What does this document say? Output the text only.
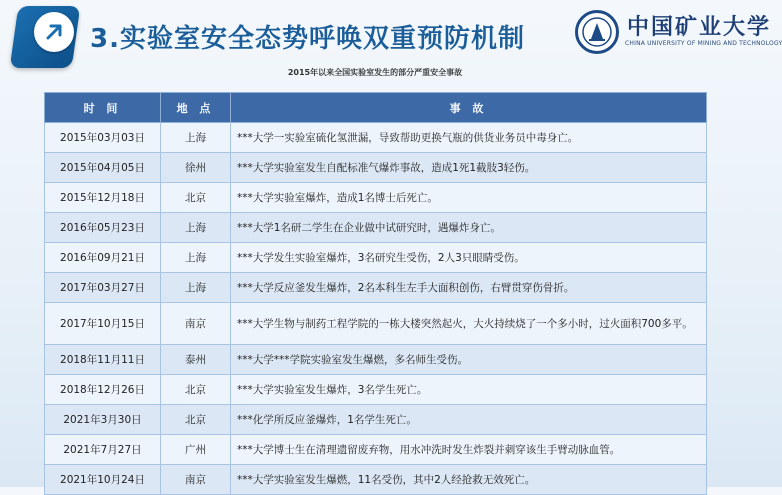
3.实验室安全态势呼唤双重预防机制	中国矿业大学
CHINA UNIVERSITY OF MINING AND TECHNOLOGY
2015年以来全国实验室发生的部分严重安全事故
时 间	地 点	事 故
2015年03月03日	上海	***大学一实验室硫化氢泄漏，导致帮助更换气瓶的供货业务员中毒身亡。
2015年04月05日	徐州	***大学实验室发生自配标准气爆炸事故，造成1死1截肢3轻伤。
2015年12月18日	北京	***大学实验室爆炸，造成1名博士后死亡。
2016年05月23日	上海	***大学1名研二学生在企业做中试研究时，遇爆炸身亡。
2016年09月21日	上海	***大学发生实验室爆炸，3名研究生受伤，2人3只眼睛受伤。
2017年03月27日	上海	***大学反应釜发生爆炸，2名本科生左手大面积创伤，右臂贯穿伤骨折。
2017年10月15日	南京	***大学生物与制药工程学院的一栋大楼突然起火，大火持续烧了一个多小时，过火面积700多平。
2018年11月11日	泰州	***大学***学院实验室发生爆燃，多名师生受伤。
2018年12月26日	北京	***大学实验室发生爆炸，3名学生死亡。
2021年3月30日	北京	***化学所反应釜爆炸，1名学生死亡。
2021年7月27日	广州	***大学博士生在清理遗留废弃物，用水冲洗时发生炸裂并刺穿该生手臂动脉血管。
2021年10月24日	南京	***大学实验室发生爆燃，11名受伤，其中2人经抢救无效死亡。
